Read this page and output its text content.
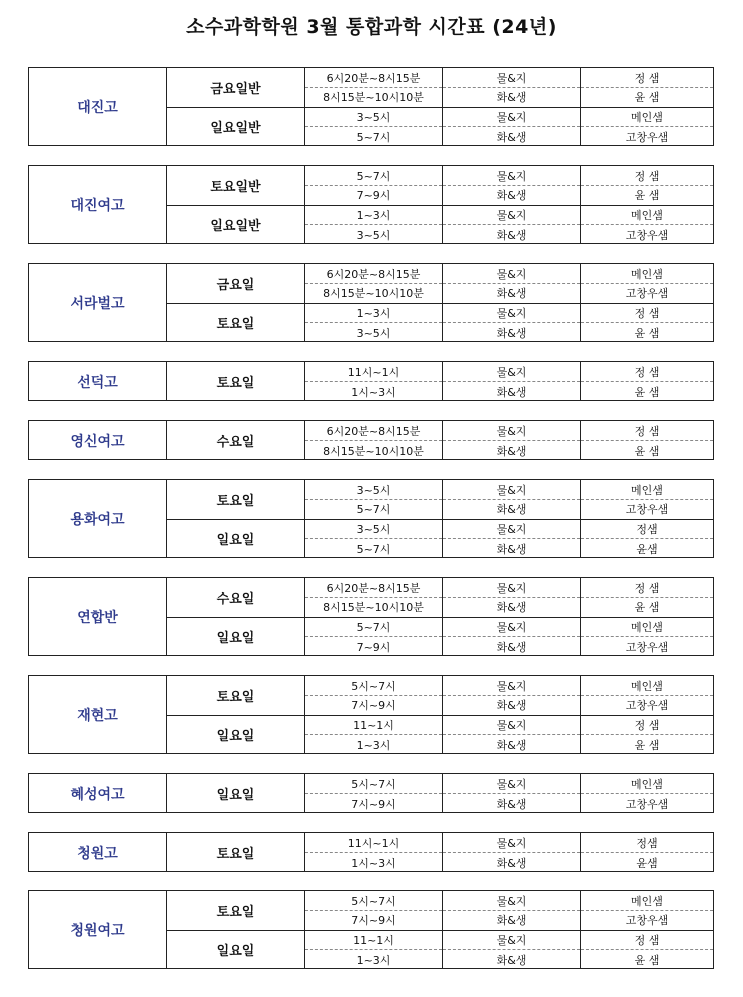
소수과학학원 3월 통합과학 시간표 (24년)
대진고	금요일반	6시20분~8시15분	물&지	정 샘
		8시15분~10시10분	화&생	윤 샘
	일요일반	3~5시	물&지	메인샘
		5~7시	화&생	고창우샘
대진여고	토요일반	5~7시	물&지	정 샘
		7~9시	화&생	윤 샘
	일요일반	1~3시	물&지	메인샘
		3~5시	화&생	고창우샘
서라벌고	금요일	6시20분~8시15분	물&지	메인샘
		8시15분~10시10분	화&생	고창우샘
	토요일	1~3시	물&지	정 샘
		3~5시	화&생	윤 샘
선덕고	토요일	11시~1시	물&지	정 샘
		1시~3시	화&생	윤 샘
영신여고	수요일	6시20분~8시15분	물&지	정 샘
		8시15분~10시10분	화&생	윤 샘
용화여고	토요일	3~5시	물&지	메인샘
		5~7시	화&생	고창우샘
	일요일	3~5시	물&지	정샘
		5~7시	화&생	윤샘
연합반	수요일	6시20분~8시15분	물&지	정 샘
		8시15분~10시10분	화&생	윤 샘
	일요일	5~7시	물&지	메인샘
		7~9시	화&생	고창우샘
재현고	토요일	5시~7시	물&지	메인샘
		7시~9시	화&생	고창우샘
	일요일	11~1시	물&지	정 샘
		1~3시	화&생	윤 샘
혜성여고	일요일	5시~7시	물&지	메인샘
		7시~9시	화&생	고창우샘
청원고	토요일	11시~1시	물&지	정샘
		1시~3시	화&생	윤샘
청원여고	토요일	5시~7시	물&지	메인샘
		7시~9시	화&생	고창우샘
	일요일	11~1시	물&지	정 샘
		1~3시	화&생	윤 샘
